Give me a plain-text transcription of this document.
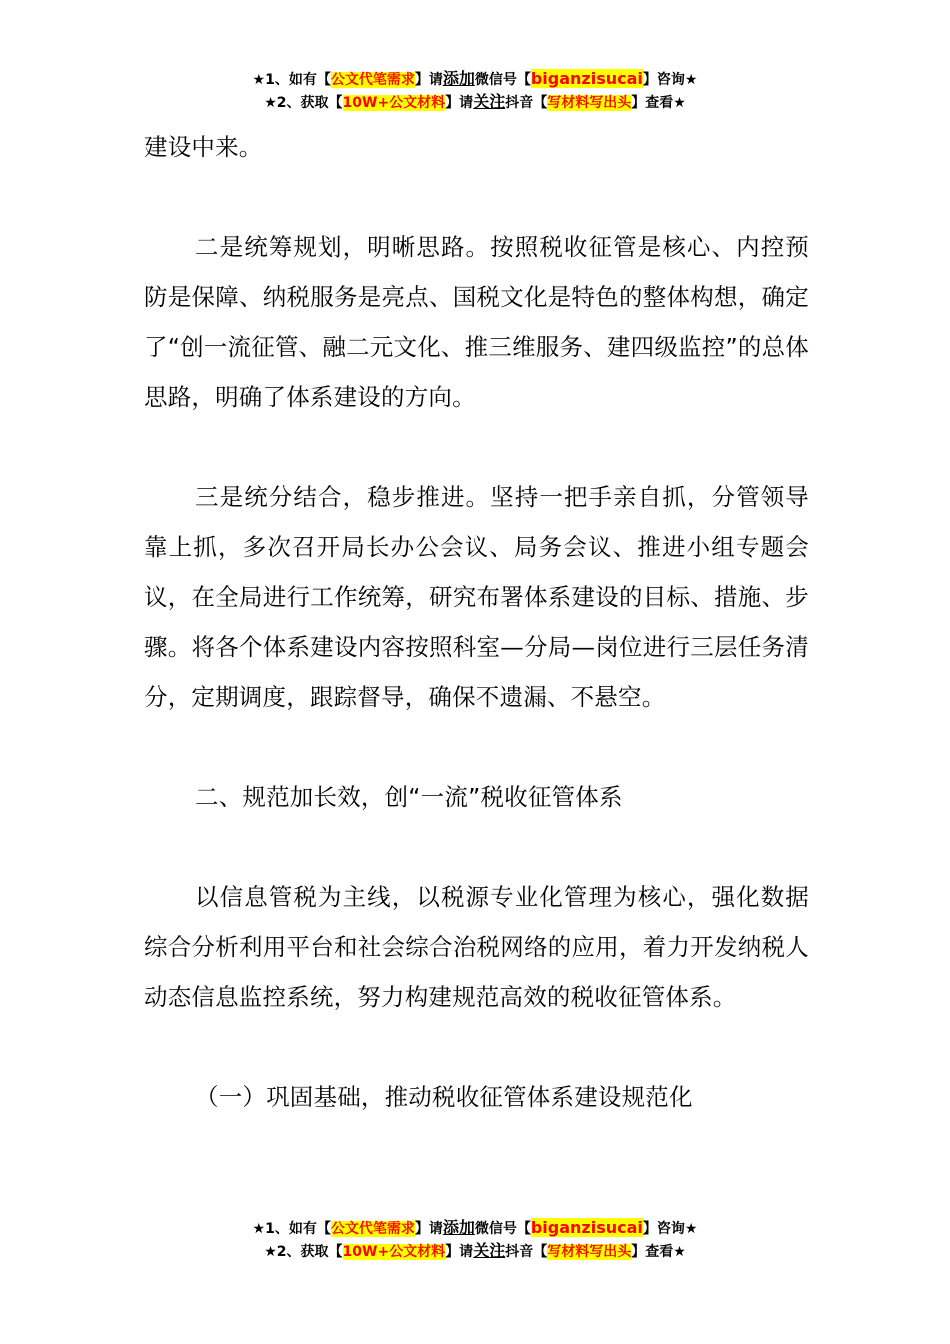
★1、如有【公文代笔需求】请添加微信号【biganzisucai】咨询★
★2、获取【10W+公文材料】请关注抖音【写材料写出头】查看★

建设中来。

二是统筹规划，明晰思路。按照税收征管是核心、内控预防是保障、纳税服务是亮点、国税文化是特色的整体构想，确定了“创一流征管、融二元文化、推三维服务、建四级监控”的总体思路，明确了体系建设的方向。

三是统分结合，稳步推进。坚持一把手亲自抓，分管领导靠上抓，多次召开局长办公会议、局务会议、推进小组专题会议，在全局进行工作统筹，研究布署体系建设的目标、措施、步骤。将各个体系建设内容按照科室—分局—岗位进行三层任务清分，定期调度，跟踪督导，确保不遗漏、不悬空。

二、规范加长效，创“一流”税收征管体系

以信息管税为主线，以税源专业化管理为核心，强化数据综合分析利用平台和社会综合治税网络的应用，着力开发纳税人动态信息监控系统，努力构建规范高效的税收征管体系。

（一）巩固基础，推动税收征管体系建设规范化

★1、如有【公文代笔需求】请添加微信号【biganzisucai】咨询★
★2、获取【10W+公文材料】请关注抖音【写材料写出头】查看★
